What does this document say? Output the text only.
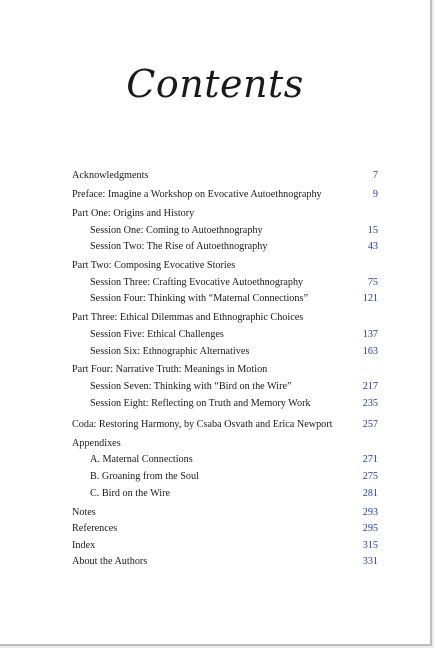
Contents
Acknowledgments	7
Preface: Imagine a Workshop on Evocative Autoethnography	9
Part One: Origins and History
Session One: Coming to Autoethnography	15
Session Two: The Rise of Autoethnography	43
Part Two: Composing Evocative Stories
Session Three: Crafting Evocative Autoethnography	75
Session Four: Thinking with “Maternal Connections”	121
Part Three: Ethical Dilemmas and Ethnographic Choices
Session Five: Ethical Challenges	137
Session Six: Ethnographic Alternatives	163
Part Four: Narrative Truth: Meanings in Motion
Session Seven: Thinking with “Bird on the Wire”	217
Session Eight: Reflecting on Truth and Memory Work	235
Coda: Restoring Harmony, by Csaba Osvath and Erica Newport	257
Appendixes
A. Maternal Connections	271
B. Groaning from the Soul	275
C. Bird on the Wire	281
Notes	293
References	295
Index	315
About the Authors	331
